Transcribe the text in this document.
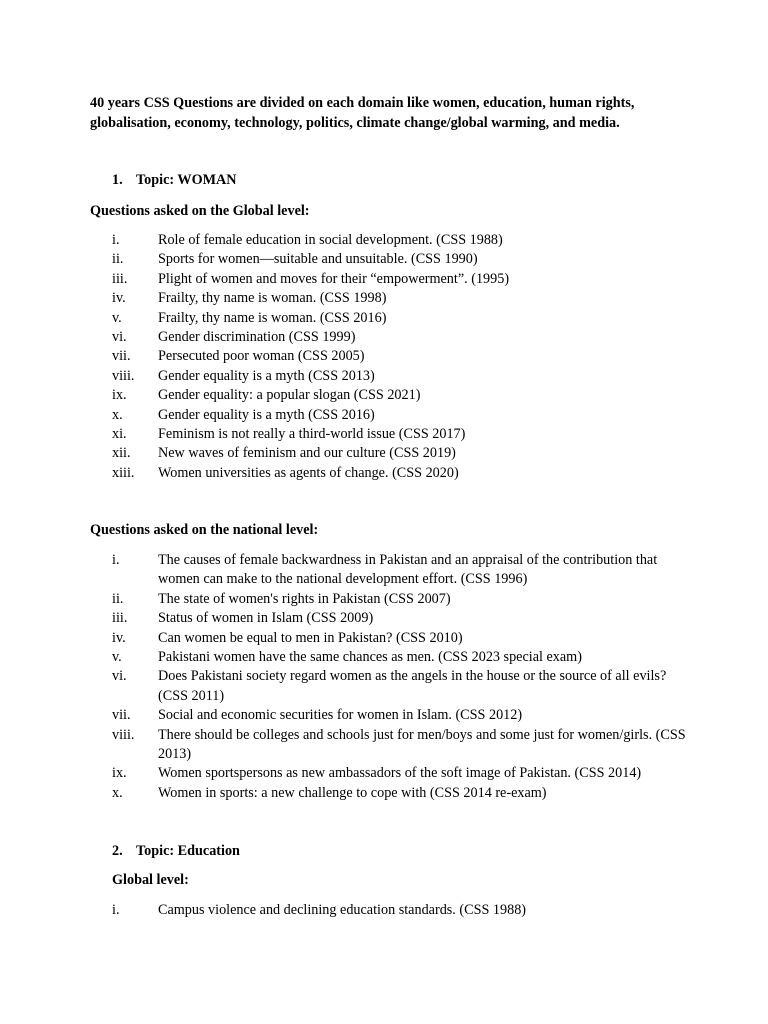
40 years CSS Questions are divided on each domain like women, education, human rights, globalisation, economy, technology, politics, climate change/global warming, and media.
1. Topic: WOMAN
Questions asked on the Global level:
i.	Role of female education in social development. (CSS 1988)
ii. Sports for women—suitable and unsuitable. (CSS 1990)
iii. Plight of women and moves for their “empowerment”. (1995)
iv. Frailty, thy name is woman. (CSS 1998)
v.	Frailty, thy name is woman. (CSS 2016)
vi. Gender discrimination (CSS 1999)
vii. Persecuted poor woman (CSS 2005)
viii. Gender equality is a myth (CSS 2013)
ix. Gender equality: a popular slogan (CSS 2021)
x. Gender equality is a myth (CSS 2016)
xi. Feminism is not really a third-world issue (CSS 2017)
xii. New waves of feminism and our culture (CSS 2019)
xiii. Women universities as agents of change. (CSS 2020)
Questions asked on the national level:
i.	The causes of female backwardness in Pakistan and an appraisal of the contribution that women can make to the national development effort. (CSS 1996)
ii. The state of women's rights in Pakistan (CSS 2007)
iii. Status of women in Islam (CSS 2009)
iv. Can women be equal to men in Pakistan? (CSS 2010)
v.	Pakistani women have the same chances as men. (CSS 2023 special exam)
vi. Does Pakistani society regard women as the angels in the house or the source of all evils? (CSS 2011)
vii. Social and economic securities for women in Islam. (CSS 2012)
viii. There should be colleges and schools just for men/boys and some just for women/girls. (CSS 2013)
ix. Women sportspersons as new ambassadors of the soft image of Pakistan. (CSS 2014)
x. Women in sports: a new challenge to cope with (CSS 2014 re-exam)
2. Topic: Education
Global level:
i.	Campus violence and declining education standards. (CSS 1988)
